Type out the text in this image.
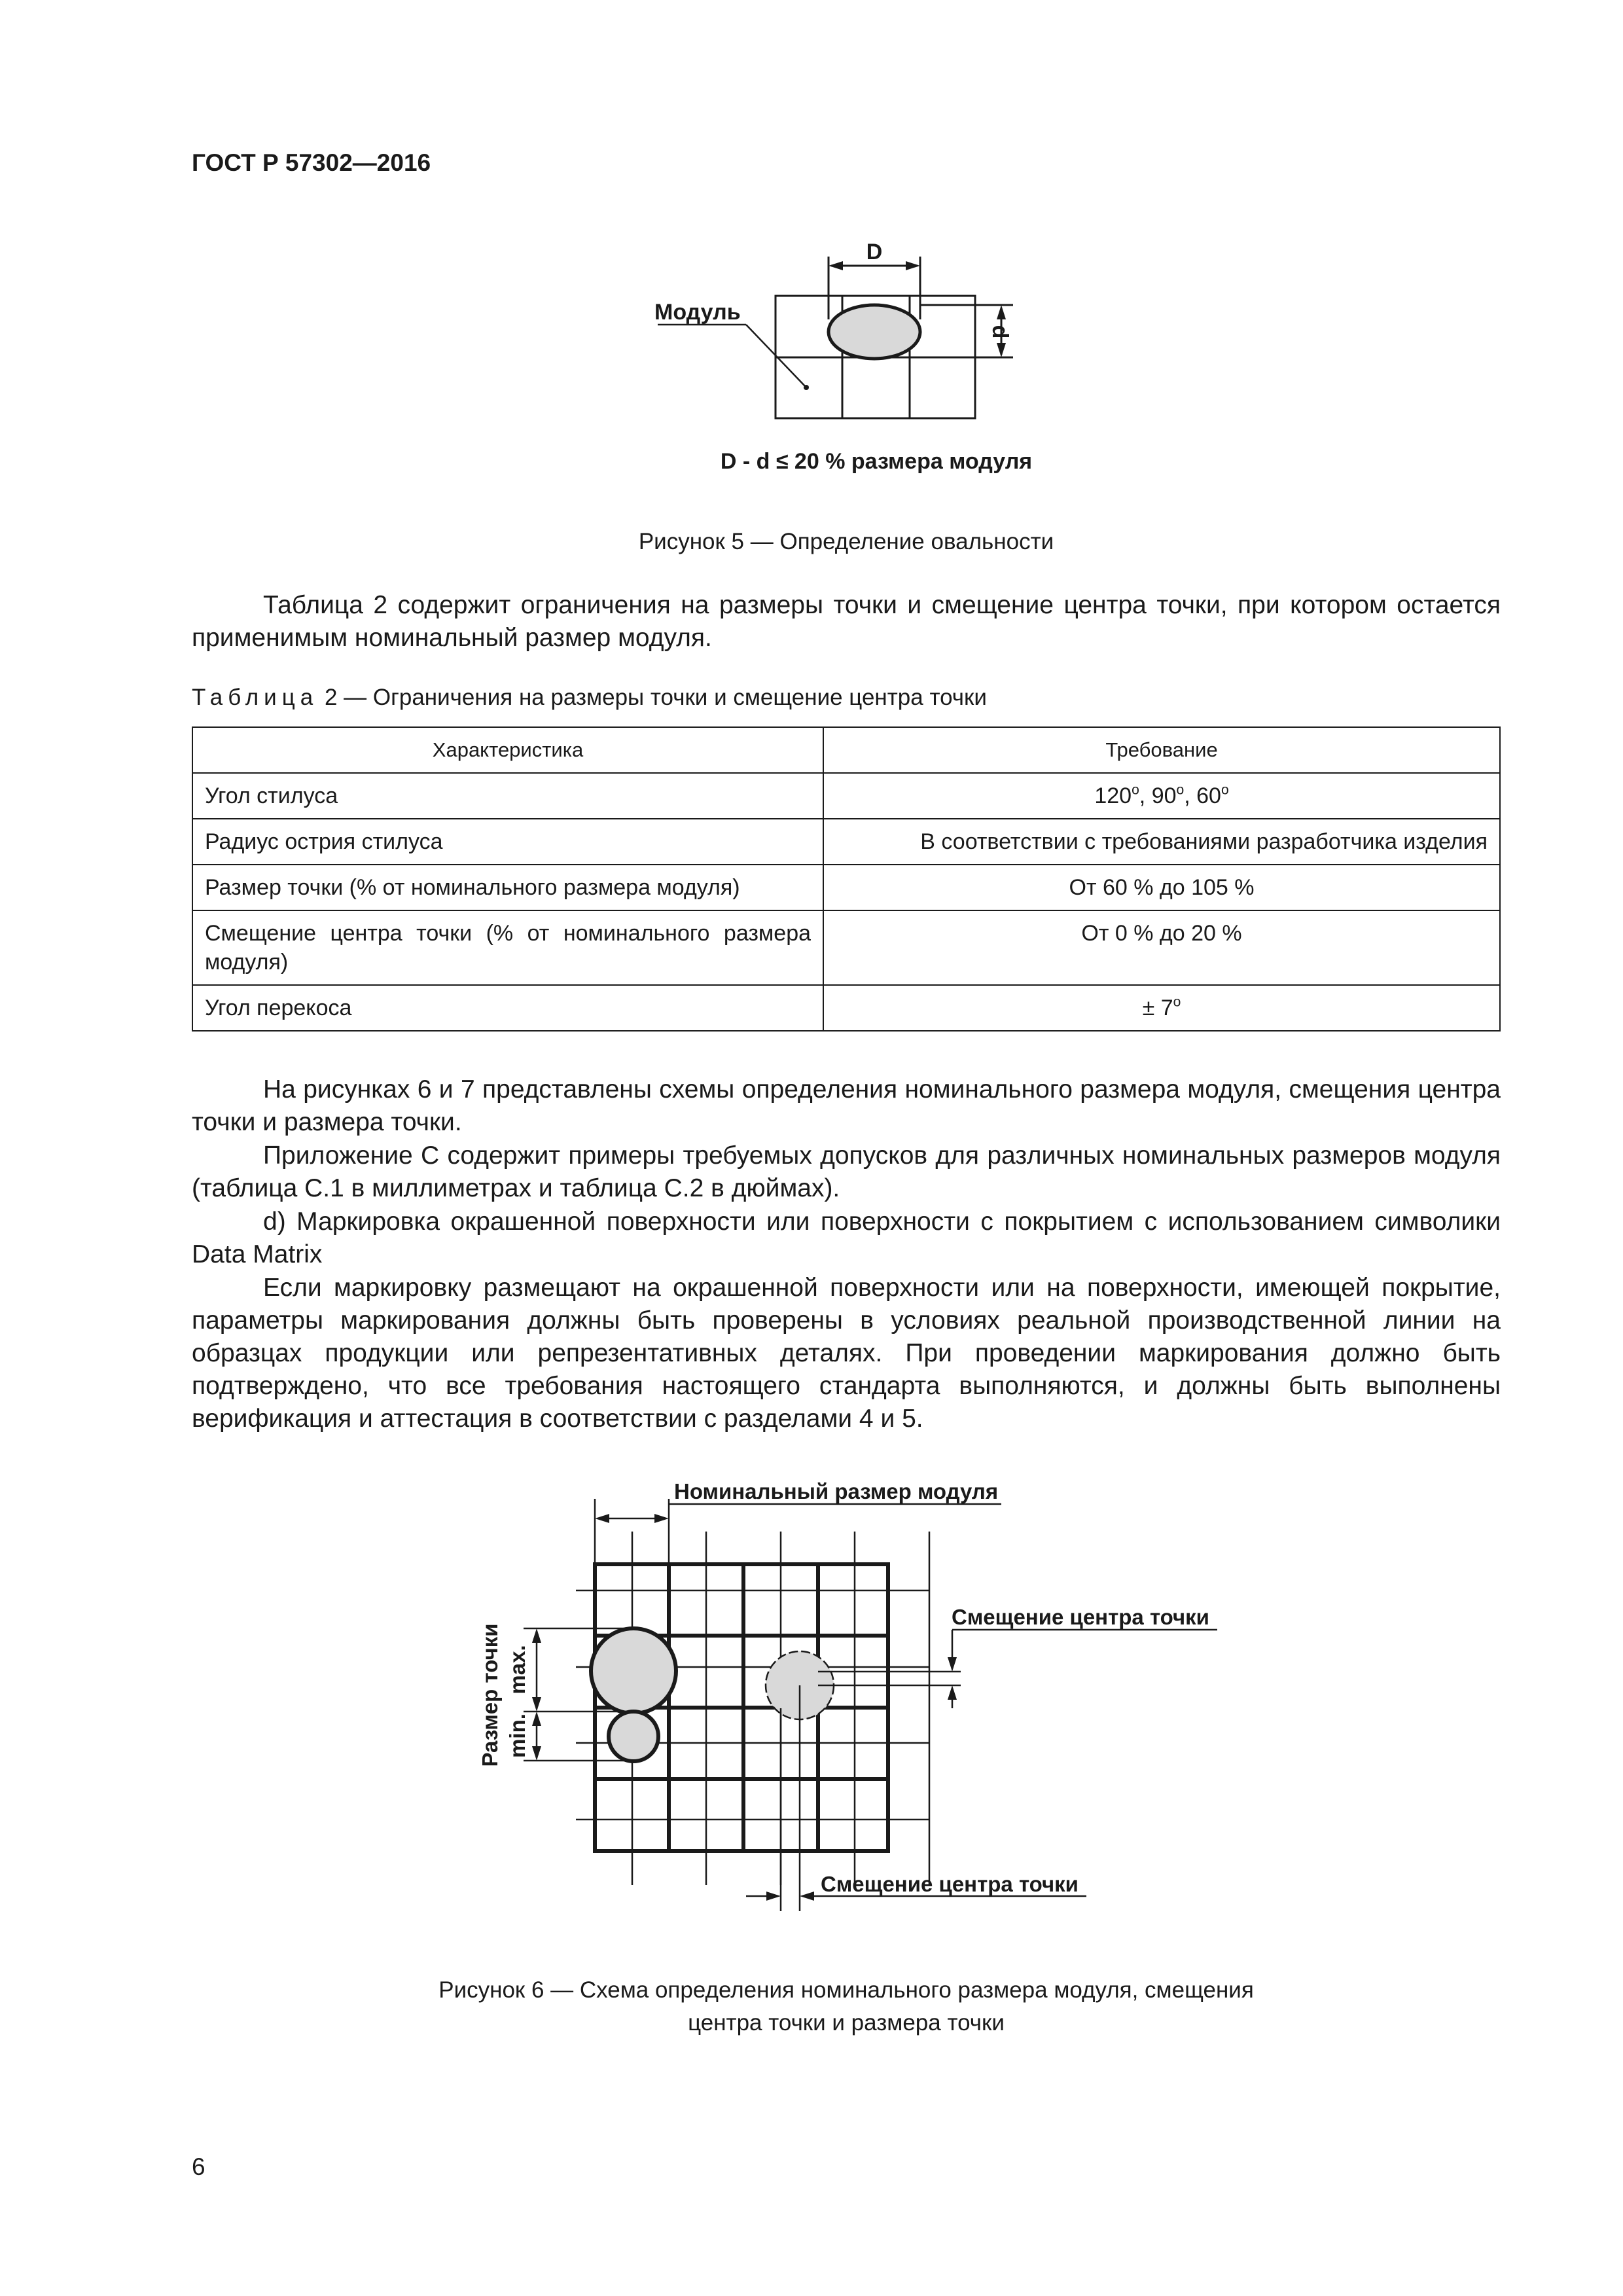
ГОСТ Р 57302—2016
D
Модуль
d
D - d ≤ 20 % размера модуля
Рисунок 5 — Определение овальности

Таблица 2 содержит ограничения на размеры точки и смещение центра точки, при котором остается применимым номинальный размер модуля.

Таблица 2 — Ограничения на размеры точки и смещение центра точки
Характеристика	Требование
Угол стилуса	120$^o$, 90$^o$, 60$^o$
Радиус острия стилуса	В соответствии с требованиями разработчика изделия
Размер точки (% от номинального размера модуля)	От 60 % до 105 %
Смещение центра точки (% от номинального размера модуля)	От 0 % до 20 %
Угол перекоса	± $7^o$

На рисунках 6 и 7 представлены схемы определения номинального размера модуля, смещения центра точки и размера точки.

Приложение С содержит примеры требуемых допусков для различных номинальных размеров модуля (таблица С.1 в миллиметрах и таблица С.2 в дюймах).

d) Маркировка окрашенной поверхности или поверхности с покрытием с использованием символики Data Matrix

Если маркировку размещают на окрашенной поверхности или на поверхности, имеющей покрытие, параметры маркирования должны быть проверены в условиях реальной производственной линии на образцах продукции или репрезентативных деталях. При проведении маркирования должно быть подтверждено, что все требования настоящего стандарта выполняются, и должны быть выполнены верификация и аттестация в соответствии с разделами 4 и 5.

Номинальный размер модуля
Смещение центра точки
Смещение центра точки
Размер точки max.
min.
Рисунок 6 — Схема определения номинального размера модуля, смещения
центра точки и размера точки
6
